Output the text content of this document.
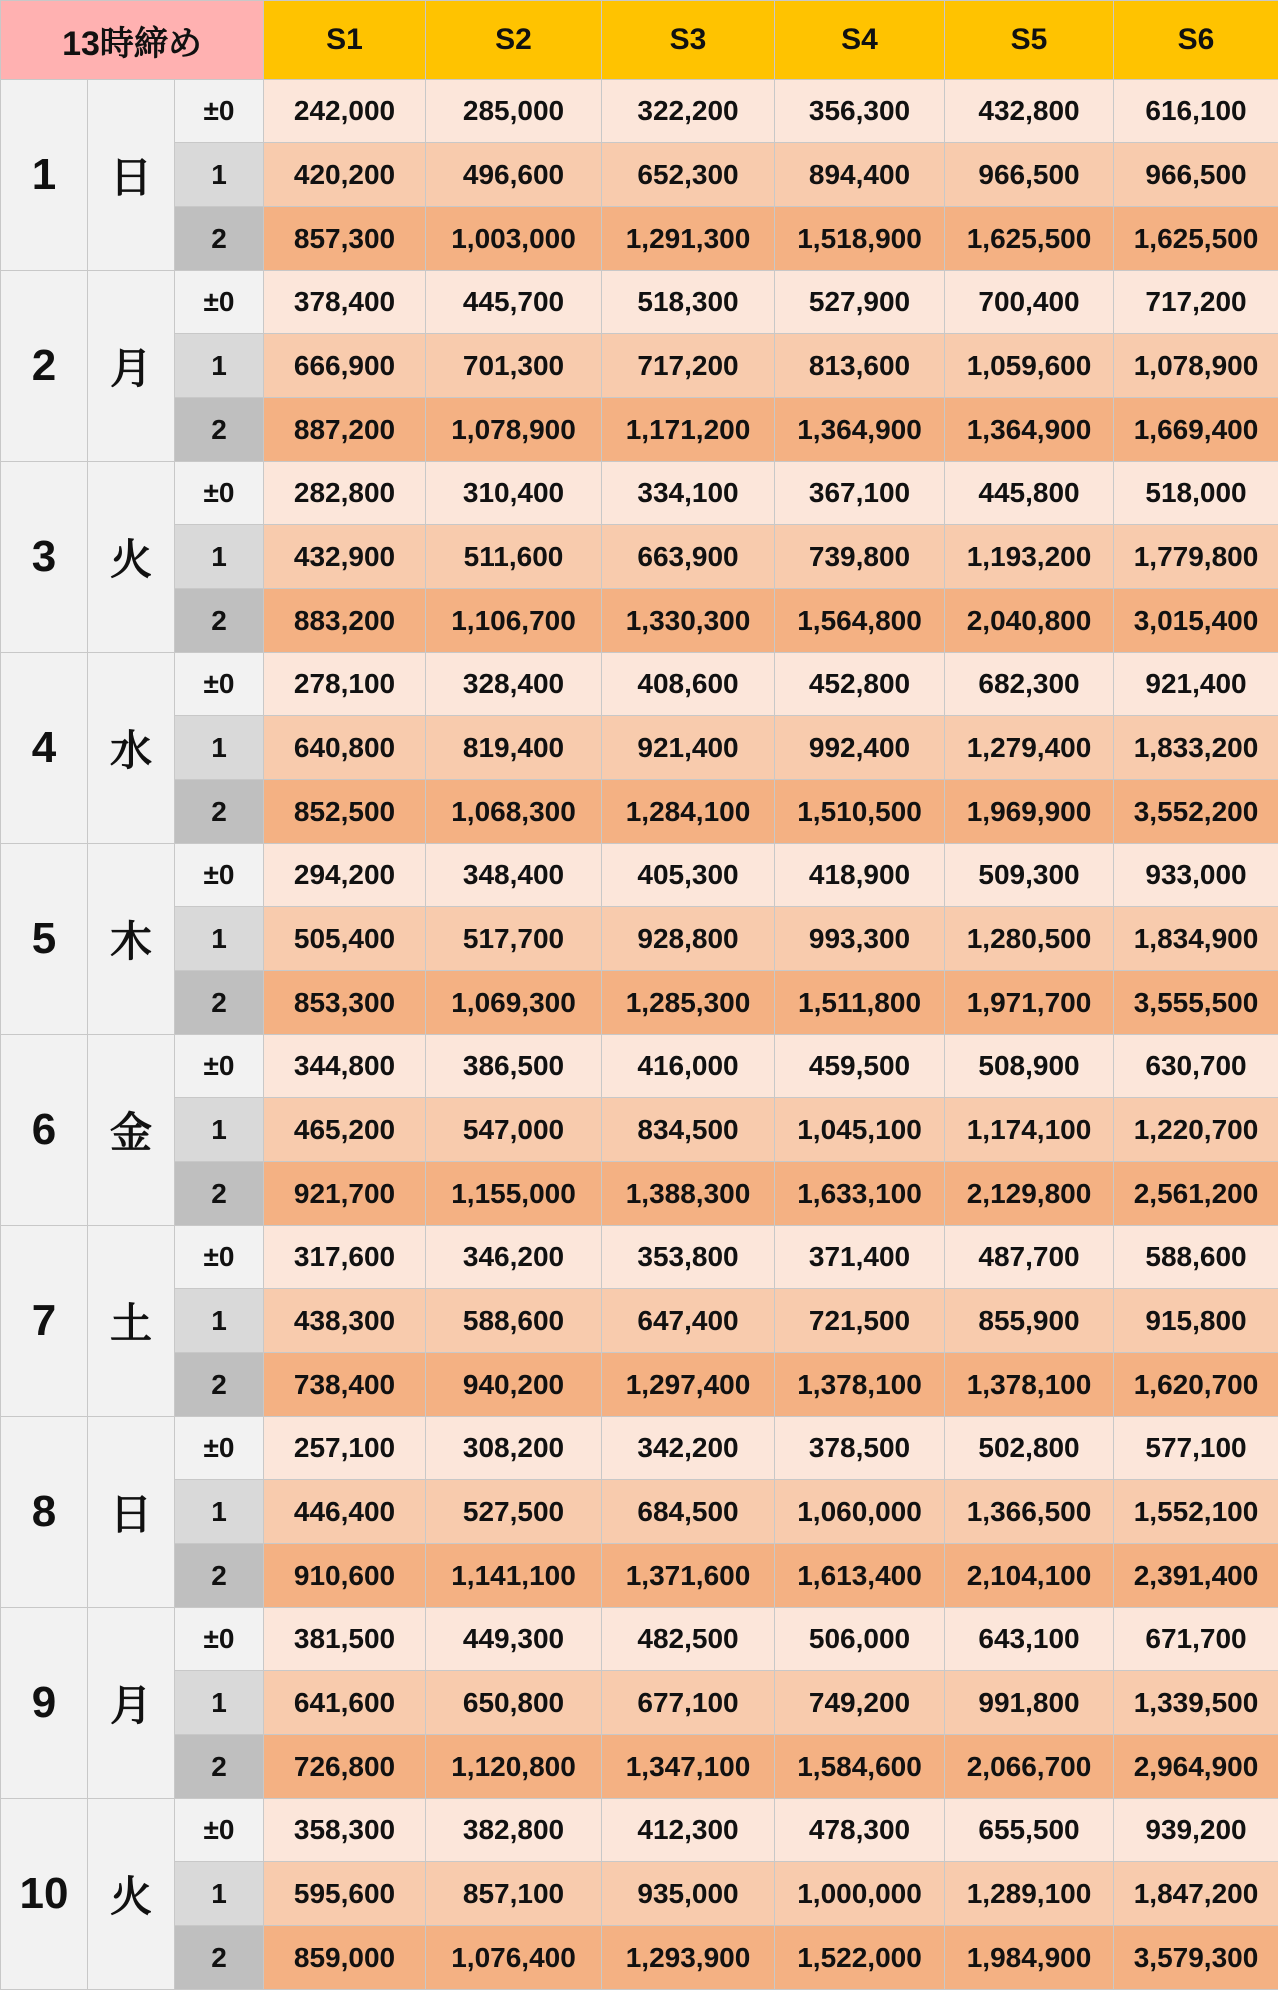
13時締め			S1	S2	S3	S4	S5	S6
1	日	±0	242,000	285,000	322,200	356,300	432,800	616,100
		1	420,200	496,600	652,300	894,400	966,500	966,500
		2	857,300	1,003,000	1,291,300	1,518,900	1,625,500	1,625,500
2	月	±0	378,400	445,700	518,300	527,900	700,400	717,200
		1	666,900	701,300	717,200	813,600	1,059,600	1,078,900
		2	887,200	1,078,900	1,171,200	1,364,900	1,364,900	1,669,400
3	火	±0	282,800	310,400	334,100	367,100	445,800	518,000
		1	432,900	511,600	663,900	739,800	1,193,200	1,779,800
		2	883,200	1,106,700	1,330,300	1,564,800	2,040,800	3,015,400
4	水	±0	278,100	328,400	408,600	452,800	682,300	921,400
		1	640,800	819,400	921,400	992,400	1,279,400	1,833,200
		2	852,500	1,068,300	1,284,100	1,510,500	1,969,900	3,552,200
5	木	±0	294,200	348,400	405,300	418,900	509,300	933,000
		1	505,400	517,700	928,800	993,300	1,280,500	1,834,900
		2	853,300	1,069,300	1,285,300	1,511,800	1,971,700	3,555,500
6	金	±0	344,800	386,500	416,000	459,500	508,900	630,700
		1	465,200	547,000	834,500	1,045,100	1,174,100	1,220,700
		2	921,700	1,155,000	1,388,300	1,633,100	2,129,800	2,561,200
7	土	±0	317,600	346,200	353,800	371,400	487,700	588,600
		1	438,300	588,600	647,400	721,500	855,900	915,800
		2	738,400	940,200	1,297,400	1,378,100	1,378,100	1,620,700
8	日	±0	257,100	308,200	342,200	378,500	502,800	577,100
		1	446,400	527,500	684,500	1,060,000	1,366,500	1,552,100
		2	910,600	1,141,100	1,371,600	1,613,400	2,104,100	2,391,400
9	月	±0	381,500	449,300	482,500	506,000	643,100	671,700
		1	641,600	650,800	677,100	749,200	991,800	1,339,500
		2	726,800	1,120,800	1,347,100	1,584,600	2,066,700	2,964,900
10	火	±0	358,300	382,800	412,300	478,300	655,500	939,200
		1	595,600	857,100	935,000	1,000,000	1,289,100	1,847,200
		2	859,000	1,076,400	1,293,900	1,522,000	1,984,900	3,579,300
